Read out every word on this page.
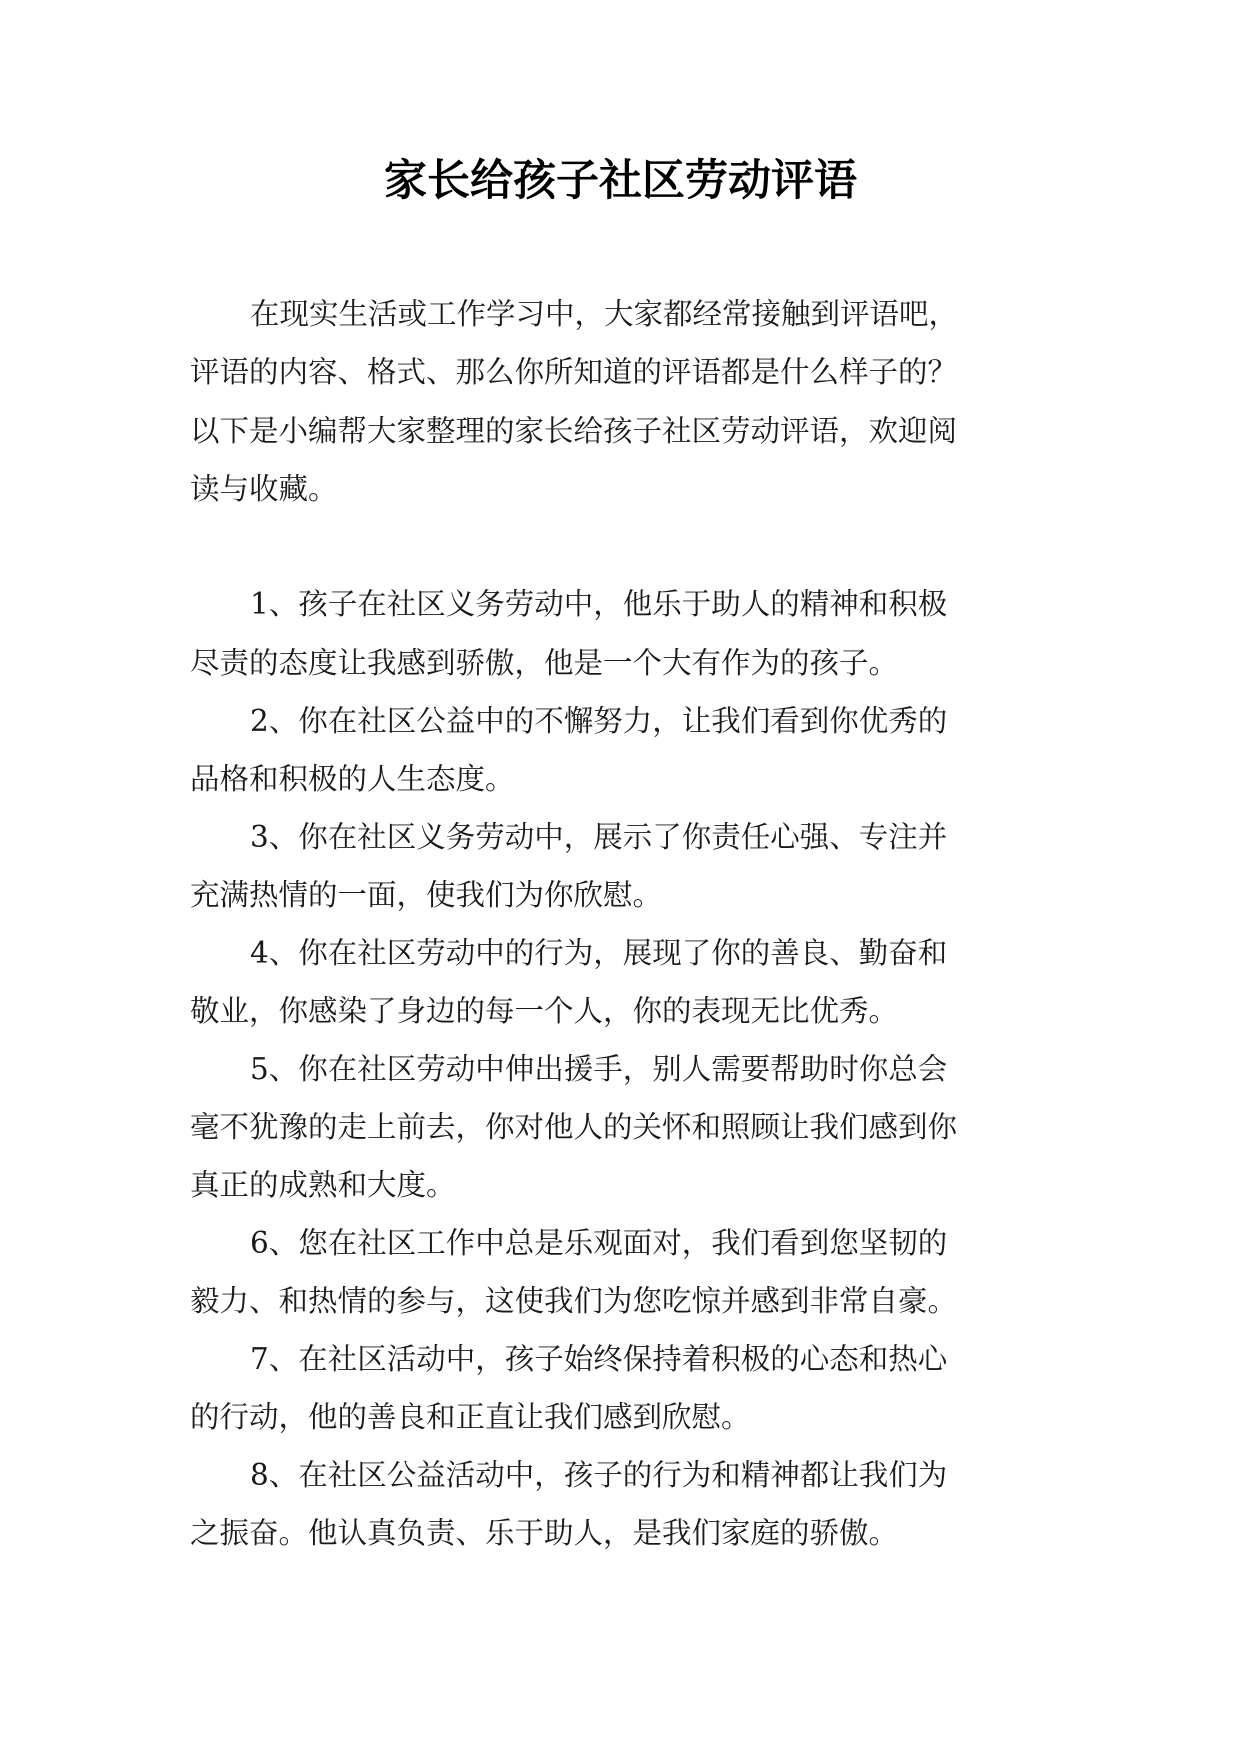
家长给孩子社区劳动评语
在现实生活或工作学习中，大家都经常接触到评语吧，
评语的内容、格式、那么你所知道的评语都是什么样子的？
以下是小编帮大家整理的家长给孩子社区劳动评语，欢迎阅
读与收藏。
1、孩子在社区义务劳动中，他乐于助人的精神和积极
尽责的态度让我感到骄傲，他是一个大有作为的孩子。
2、你在社区公益中的不懈努力，让我们看到你优秀的
品格和积极的人生态度。
3、你在社区义务劳动中，展示了你责任心强、专注并
充满热情的一面，使我们为你欣慰。
4、你在社区劳动中的行为，展现了你的善良、勤奋和
敬业，你感染了身边的每一个人，你的表现无比优秀。
5、你在社区劳动中伸出援手，别人需要帮助时你总会
毫不犹豫的走上前去，你对他人的关怀和照顾让我们感到你
真正的成熟和大度。
6、您在社区工作中总是乐观面对，我们看到您坚韧的
毅力、和热情的参与，这使我们为您吃惊并感到非常自豪。
7、在社区活动中，孩子始终保持着积极的心态和热心
的行动，他的善良和正直让我们感到欣慰。
8、在社区公益活动中，孩子的行为和精神都让我们为
之振奋。他认真负责、乐于助人，是我们家庭的骄傲。
